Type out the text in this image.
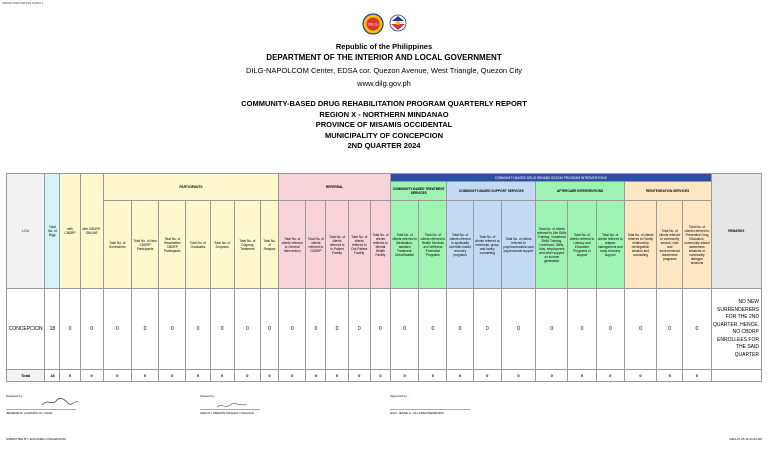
CBDRP REPORTING FORM 1
DILG
Republic of the Philippines
DEPARTMENT OF THE INTERIOR AND LOCAL GOVERNMENT
DILG-NAPOLCOM Center, EDSA cor. Quezon Avenue, West Triangle, Quezon City
www.dilg.gov.ph
COMMUNITY-BASED DRUG REHABILITATION PROGRAM QUARTERLY REPORT
REGION X - NORTHERN MINDANAO
PROVINCE OF MISAMIS OCCIDENTAL
MUNICIPALITY OF CONCEPCION
2ND QUARTER 2024
LGU	Total No. of Brgy.	with CBDRP	with CBDRP-ONLINE	PARTICIPANTS							REFERRAL					COMMUNITY-BASED DRUG REHABILITATION PROGRAM INTERVENTIONS											REMARKS
																COMMUNITY-BASED TREATMENT SERVICES		COMMUNITY-BASED SUPPORT SERVICES			AFTERCARE INTERVENTIONS			REINTEGRATION SERVICES			
				Total No. of Surrenderer	Total No. of New CBDRP Participants	Total No. of Readmitted CBDRP Participants	Total No. of Graduates	Total No. of Dropouts	Total No. of Ongoing Treatment	Total No. of Relapse	Total No. of clients referred to General Intervention	Total No. of clients referred to CBDRP	Total No. of clients referred to In-Patient Facility	Total No. of clients referred to Out-Patient Facility	Total No. of clients referred to Mental Health Facility	Total No. of clients referred to Medication-assisted Treatment, Detoxification	Total No. of clients referred to Health Services and Wellness Promotion Programs	Total No. of clients referred to spirituality and faith-based recovery programs	Total No. of clients referred to individual, group and family counseling	Total No. of clients referred to psychoeducation and psychosocial support	Total No. of clients referred to Life Skills Training, Vocational Skills Training, Livelihood, Skills, Jobs, employment, and other support on income generation	Total No. of clients referred to Literacy and Education Programs or support	Total No. of clients referred to relapse management and early recovery support	Total No. of clients referred to Family relationship reintegration session and counseling	Total No. of clients referred to community service, civic and environmental Awareness programs	Total No. of clients referred to Preventive Drug Education, community-based awareness sessions or community dialogue sessions	
CONCEPCION	18	0	0	0	0	0	0	0	0	0	0	0	0	0	0	0	0	0	0	0	0	0	0	0	0	0	NO NEW SURRENDERERS FOR THE 2ND QUARTER. HENCE, NO CBDRP ENROLLEES FOR THE SAID QUARTER
Total	18	0	0	0	0	0	0	0	0	0	0	0	0	0	0	0	0	0	0	0	0	0	0	0	0	0	
Prepared by :
JEFRESE B. LAVAMPLUS / CSAD
Viewed by :
CENNY LORENTE MAGHIS / DIALOGS
Approved by :
HON. JESSE G. VILLADECINEMENDIC
SUBMITTED BY: ENCODER CONCEPCION	2024-07-05 11:03:23 AM
